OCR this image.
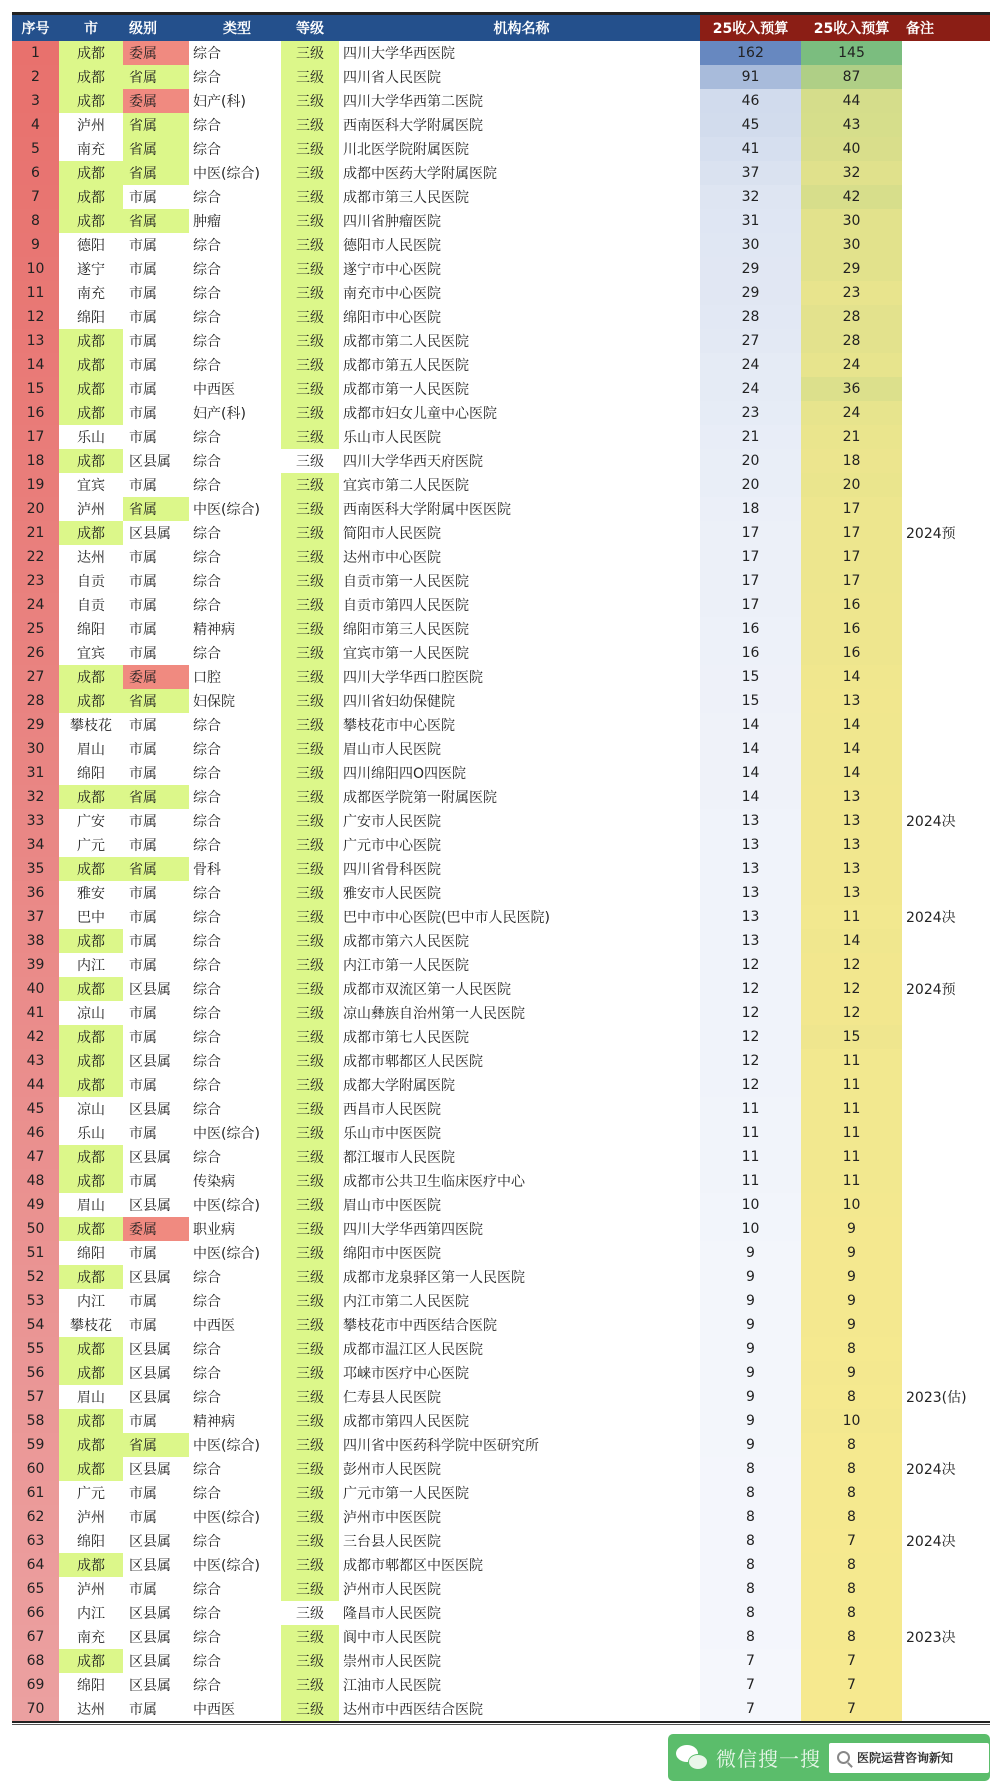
序号	市	级别	类型	等级	机构名称	25收入预算	25收入预算	备注
1	成都	委属	综合	三级	四川大学华西医院	162	145
2	成都	省属	综合	三级	四川省人民医院	91	87
3	成都	委属	妇产(科)	三级	四川大学华西第二医院	46	44
4	泸州	省属	综合	三级	西南医科大学附属医院	45	43
5	南充	省属	综合	三级	川北医学院附属医院	41	40
6	成都	省属	中医(综合)	三级	成都中医药大学附属医院	37	32
7	成都	市属	综合	三级	成都市第三人民医院	32	42
8	成都	省属	肿瘤	三级	四川省肿瘤医院	31	30
9	德阳	市属	综合	三级	德阳市人民医院	30	30
10	遂宁	市属	综合	三级	遂宁市中心医院	29	29
11	南充	市属	综合	三级	南充市中心医院	29	23
12	绵阳	市属	综合	三级	绵阳市中心医院	28	28
13	成都	市属	综合	三级	成都市第二人民医院	27	28
14	成都	市属	综合	三级	成都市第五人民医院	24	24
15	成都	市属	中西医	三级	成都市第一人民医院	24	36
16	成都	市属	妇产(科)	三级	成都市妇女儿童中心医院	23	24
17	乐山	市属	综合	三级	乐山市人民医院	21	21
18	成都	区县属	综合	三级	四川大学华西天府医院	20	18
19	宜宾	市属	综合	三级	宜宾市第二人民医院	20	20
20	泸州	省属	中医(综合)	三级	西南医科大学附属中医医院	18	17
21	成都	区县属	综合	三级	简阳市人民医院	17	17	2024预
22	达州	市属	综合	三级	达州市中心医院	17	17
23	自贡	市属	综合	三级	自贡市第一人民医院	17	17
24	自贡	市属	综合	三级	自贡市第四人民医院	17	16
25	绵阳	市属	精神病	三级	绵阳市第三人民医院	16	16
26	宜宾	市属	综合	三级	宜宾市第一人民医院	16	16
27	成都	委属	口腔	三级	四川大学华西口腔医院	15	14
28	成都	省属	妇保院	三级	四川省妇幼保健院	15	13
29	攀枝花	市属	综合	三级	攀枝花市中心医院	14	14
30	眉山	市属	综合	三级	眉山市人民医院	14	14
31	绵阳	市属	综合	三级	四川绵阳四O四医院	14	14
32	成都	省属	综合	三级	成都医学院第一附属医院	14	13
33	广安	市属	综合	三级	广安市人民医院	13	13	2024决
34	广元	市属	综合	三级	广元市中心医院	13	13
35	成都	省属	骨科	三级	四川省骨科医院	13	13
36	雅安	市属	综合	三级	雅安市人民医院	13	13
37	巴中	市属	综合	三级	巴中市中心医院(巴中市人民医院)	13	11	2024决
38	成都	市属	综合	三级	成都市第六人民医院	13	14
39	内江	市属	综合	三级	内江市第一人民医院	12	12
40	成都	区县属	综合	三级	成都市双流区第一人民医院	12	12	2024预
41	凉山	市属	综合	三级	凉山彝族自治州第一人民医院	12	12
42	成都	市属	综合	三级	成都市第七人民医院	12	15
43	成都	区县属	综合	三级	成都市郫都区人民医院	12	11
44	成都	市属	综合	三级	成都大学附属医院	12	11
45	凉山	区县属	综合	三级	西昌市人民医院	11	11
46	乐山	市属	中医(综合)	三级	乐山市中医医院	11	11
47	成都	区县属	综合	三级	都江堰市人民医院	11	11
48	成都	市属	传染病	三级	成都市公共卫生临床医疗中心	11	11
49	眉山	区县属	中医(综合)	三级	眉山市中医医院	10	10
50	成都	委属	职业病	三级	四川大学华西第四医院	10	9
51	绵阳	市属	中医(综合)	三级	绵阳市中医医院	9	9
52	成都	区县属	综合	三级	成都市龙泉驿区第一人民医院	9	9
53	内江	市属	综合	三级	内江市第二人民医院	9	9
54	攀枝花	市属	中西医	三级	攀枝花市中西医结合医院	9	9
55	成都	区县属	综合	三级	成都市温江区人民医院	9	8
56	成都	区县属	综合	三级	邛崃市医疗中心医院	9	9
57	眉山	区县属	综合	三级	仁寿县人民医院	9	8	2023(估)
58	成都	市属	精神病	三级	成都市第四人民医院	9	10
59	成都	省属	中医(综合)	三级	四川省中医药科学院中医研究所	9	8
60	成都	区县属	综合	三级	彭州市人民医院	8	8	2024决
61	广元	市属	综合	三级	广元市第一人民医院	8	8
62	泸州	市属	中医(综合)	三级	泸州市中医医院	8	8
63	绵阳	区县属	综合	三级	三台县人民医院	8	7	2024决
64	成都	区县属	中医(综合)	三级	成都市郫都区中医医院	8	8
65	泸州	市属	综合	三级	泸州市人民医院	8	8
66	内江	区县属	综合	三级	隆昌市人民医院	8	8
67	南充	区县属	综合	三级	阆中市人民医院	8	8	2023决
68	成都	区县属	综合	三级	崇州市人民医院	7	7
69	绵阳	区县属	综合	三级	江油市人民医院	7	7
70	达州	市属	中西医	三级	达州市中西医结合医院	7	7
微信搜一搜	医院运营咨询新知
